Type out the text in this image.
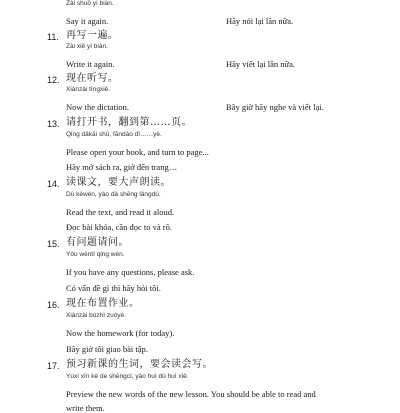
Zài shuō yí biàn.
Say it again.	Hãy nói lại lần nữa.
11. 再写一遍。
Zài xiě yí biàn.
Write it again.	Hãy viết lại lần nữa.
12. 现在听写。
Xiànzài tīngxiě.
Now the dictation.	Bây giờ hãy nghe và viết lại.
13. 请打开书，翻到第……页。
Qǐng dǎkāi shū, fāndào dì……yè.
Please open your book, and turn to page...
Hãy mở sách ra, giở đến trang…
14. 读课文，要大声朗读。
Dú kèwén, yào dà shēng lǎngdú.
Read the text, and read it aloud.
Đọc bài khóa, cần đọc to và rõ.
15. 有问题请问。
Yǒu wèntí qǐng wèn.
If you have any questions, please ask.
Có vấn đề gì thì hãy hỏi tôi.
16. 现在布置作业。
Xiànzài bùzhì zuòyè.
Now the homework (for today).
Bây giờ tôi giao bài tập.
17. 预习新课的生词，要会读会写。
Yùxí xīn kè de shēngcí, yào huì dú huì xiě.
Preview the new words of the new lesson. You should be able to read and
write them.
